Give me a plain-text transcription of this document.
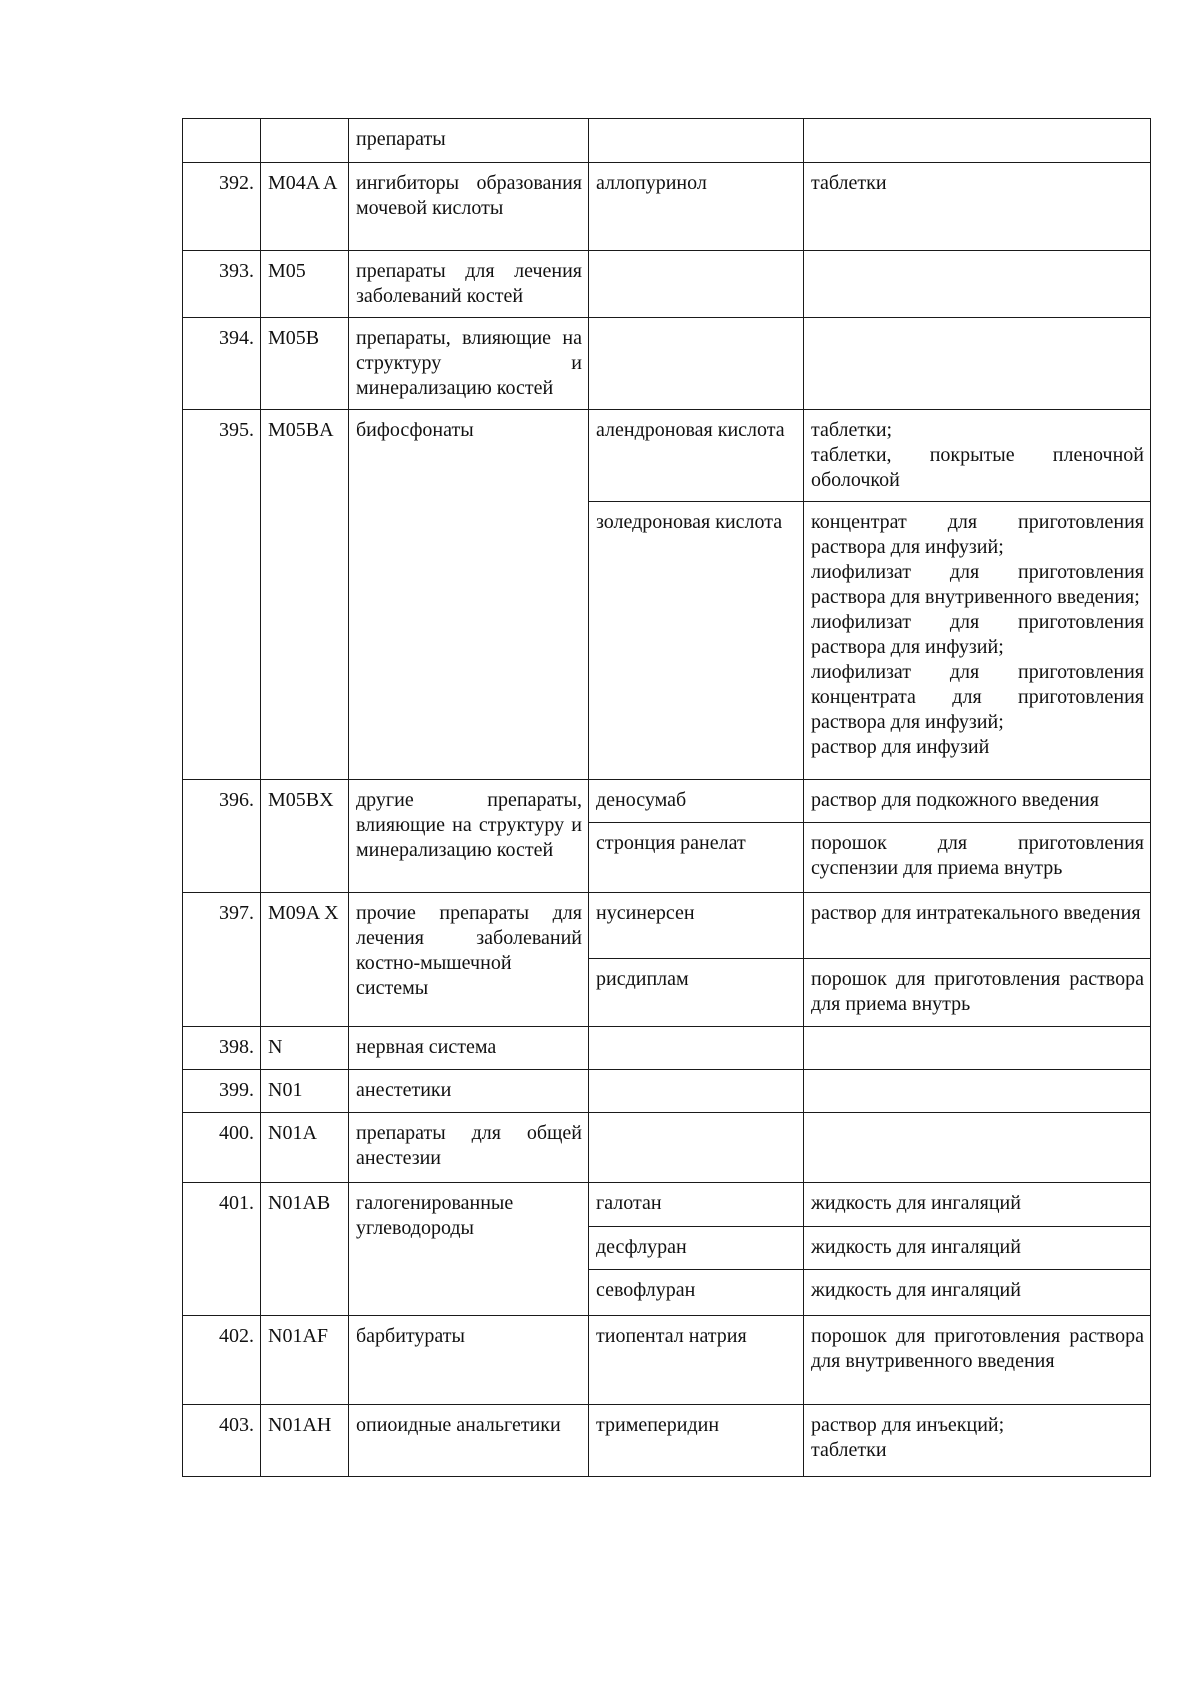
		препараты		

392.	M04A A	ингибиторы образования мочевой кислоты	аллопуринол	таблетки

393.	M05	препараты для лечения заболеваний костей		

394.	M05B	препараты, влияющие на структуру и минерализацию костей		

395.	M05BA	бифосфонаты	алендроновая кислота	таблетки;
таблетки, покрытые пленочной оболочкой

			золедроновая кислота	концентрат для приготовления раствора для инфузий;
лиофилизат для приготовления раствора для внутривенного введения;
лиофилизат для приготовления раствора для инфузий;
лиофилизат для приготовления концентрата для приготовления раствора для инфузий;
раствор для инфузий

396.	M05BX	другие препараты, влияющие на структуру и минерализацию костей	деносумаб	раствор для подкожного введения

			стронция ранелат	порошок для приготовления суспензии для приема внутрь

397.	M09A X	прочие препараты для лечения заболеваний костно-мышечной системы	нусинерсен	раствор для интратекального введения

			рисдиплам	порошок для приготовления раствора для приема внутрь

398.	N	нервная система		

399.	N01	анестетики		

400.	N01A	препараты для общей анестезии		

401.	N01AB	галогенированные углеводороды	галотан	жидкость для ингаляций

			десфлуран	жидкость для ингаляций

			севофлуран	жидкость для ингаляций

402.	N01AF	барбитураты	тиопентал натрия	порошок для приготовления раствора для внутривенного введения

403.	N01AH	опиоидные анальгетики	тримеперидин	раствор для инъекций;
таблетки
